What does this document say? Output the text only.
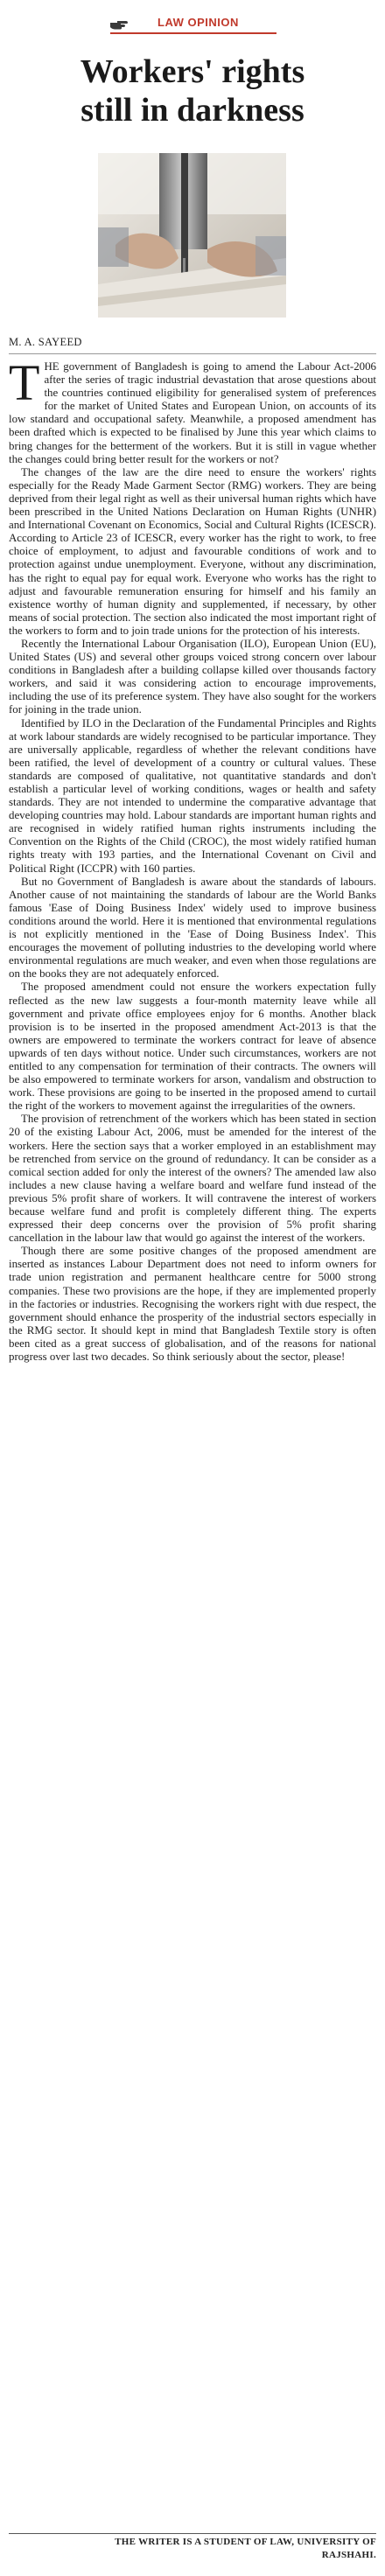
LAW OPINION
Workers' rights
still in darkness
M. A. SAYEED

THE government of Bangladesh is going to amend the Labour Act-2006 after the series of tragic industrial devastation that arose questions about the countries continued eligibility for generalised system of preferences for the market of United States and European Union, on accounts of its low standard and occupational safety. Meanwhile, a proposed amendment has been drafted which is expected to be finalised by June this year which claims to bring changes for the betterment of the workers. But it is still in vague whether the changes could bring better result for the workers or not?

The changes of the law are the dire need to ensure the workers' rights especially for the Ready Made Garment Sector (RMG) workers. They are being deprived from their legal right as well as their universal human rights which have been prescribed in the United Nations Declaration on Human Rights (UNHR) and International Covenant on Economics, Social and Cultural Rights (ICESCR). According to Article 23 of ICESCR, every worker has the right to work, to free choice of employment, to adjust and favourable conditions of work and to protection against undue unemployment. Everyone, without any discrimination, has the right to equal pay for equal work. Everyone who works has the right to adjust and favourable remuneration ensuring for himself and his family an existence worthy of human dignity and supplemented, if necessary, by other means of social protection. The section also indicated the most important right of the workers to form and to join trade unions for the protection of his interests.

Recently the International Labour Organisation (ILO), European Union (EU), United States (US) and several other groups voiced strong concern over labour conditions in Bangladesh after a building collapse killed over thousands factory workers, and said it was considering action to encourage improvements, including the use of its preference system. They have also sought for the workers for joining in the trade union.

Identified by ILO in the Declaration of the Fundamental Principles and Rights at work labour standards are widely recognised to be particular importance. They are universally applicable, regardless of whether the relevant conditions have been ratified, the level of development of a country or cultural values. These standards are composed of qualitative, not quantitative standards and don't establish a particular level of working conditions, wages or health and safety standards. They are not intended to undermine the comparative advantage that developing countries may hold. Labour standards are important human rights and are recognised in widely ratified human rights instruments including the Convention on the Rights of the Child (CROC), the most widely ratified human rights treaty with 193 parties, and the International Covenant on Civil and Political Right (ICCPR) with 160 parties.

But no Government of Bangladesh is aware about the standards of labours. Another cause of not maintaining the standards of labour are the World Banks famous 'Ease of Doing Business Index' widely used to improve business conditions around the world. Here it is mentioned that environmental regulations is not explicitly mentioned in the 'Ease of Doing Business Index'. This encourages the movement of polluting industries to the developing world where environmental regulations are much weaker, and even when those regulations are on the books they are not adequately enforced.

The proposed amendment could not ensure the workers expectation fully reflected as the new law suggests a four-month maternity leave while all government and private office employees enjoy for 6 months. Another black provision is to be inserted in the proposed amendment Act-2013 is that the owners are empowered to terminate the workers contract for leave of absence upwards of ten days without notice. Under such circumstances, workers are not entitled to any compensation for termination of their contracts. The owners will be also empowered to terminate workers for arson, vandalism and obstruction to work. These provisions are going to be inserted in the proposed amend to curtail the right of the workers to movement against the irregularities of the owners.

The provision of retrenchment of the workers which has been stated in section 20 of the existing Labour Act, 2006, must be amended for the interest of the workers. Here the section says that a worker employed in an establishment may be retrenched from service on the ground of redundancy. It can be consider as a comical section added for only the interest of the owners? The amended law also includes a new clause having a welfare board and welfare fund instead of the previous 5% profit share of workers. It will contravene the interest of workers because welfare fund and profit is completely different thing. The experts expressed their deep concerns over the provision of 5% profit sharing cancellation in the labour law that would go against the interest of the workers.

Though there are some positive changes of the proposed amendment are inserted as instances Labour Department does not need to inform owners for trade union registration and permanent healthcare centre for 5000 strong companies. These two provisions are the hope, if they are implemented properly in the factories or industries. Recognising the workers right with due respect, the government should enhance the prosperity of the industrial sectors especially in the RMG sector. It should kept in mind that Bangladesh Textile story is often been cited as a great success of globalisation, and of the reasons for national progress over last two decades. So think seriously about the sector, please!

THE WRITER IS A STUDENT OF LAW, UNIVERSITY OF
RAJSHAHI.
